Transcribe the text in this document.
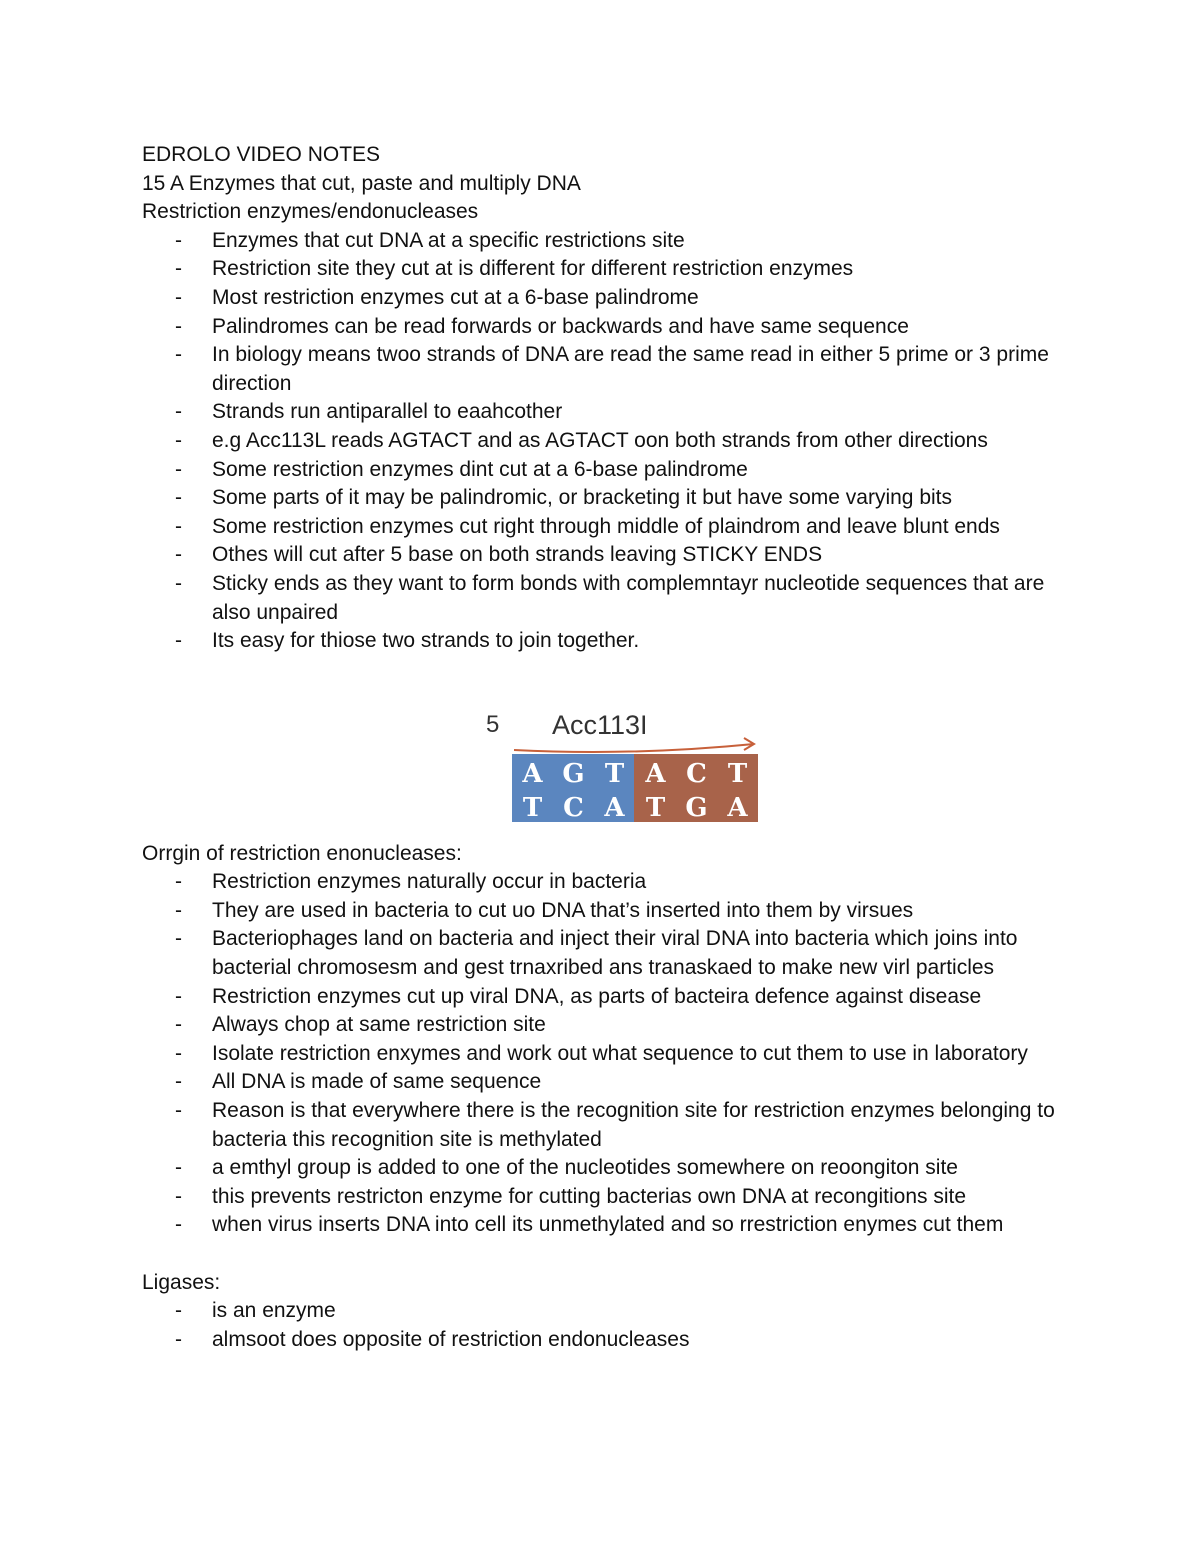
EDROLO VIDEO NOTES
15 A Enzymes that cut, paste and multiply DNA
Restriction enzymes/endonucleases
- Enzymes that cut DNA at a specific restrictions site
- Restriction site they cut at is different for different restriction enzymes
- Most restriction enzymes cut at a 6-base palindrome
- Palindromes can be read forwards or backwards and have same sequence
- In biology means twoo strands of DNA are read the same read in either 5 prime or 3 prime direction
- Strands run antiparallel to eaahcother
- e.g Acc113L reads AGTACT and as AGTACT oon both strands from other directions
- Some restriction enzymes dint cut at a 6-base palindrome
- Some parts of it may be palindromic, or bracketing it but have some varying bits
- Some restriction enzymes cut right through middle of plaindrom and leave blunt ends
- Othes will cut after 5 base on both strands leaving STICKY ENDS
- Sticky ends as they want to form bonds with complemntayr nucleotide sequences that are also unpaired
- Its easy for thiose two strands to join together.
5 Acc113I
A G T A C T
T C A T G A
Orrgin of restriction enonucleases:
- Restriction enzymes naturally occur in bacteria
- They are used in bacteria to cut uo DNA that’s inserted into them by virsues
- Bacteriophages land on bacteria and inject their viral DNA into bacteria which joins into bacterial chromosesm and gest trnaxribed ans tranaskaed to make new virl particles
- Restriction enzymes cut up viral DNA, as parts of bacteira defence against disease
- Always chop at same restriction site
- Isolate restriction enxymes and work out what sequence to cut them to use in laboratory
- All DNA is made of same sequence
- Reason is that everywhere there is the recognition site for restriction enzymes belonging to bacteria this recognition site is methylated
- a emthyl group is added to one of the nucleotides somewhere on reoongiton site
- this prevents restricton enzyme for cutting bacterias own DNA at recongitions site
- when virus inserts DNA into cell its unmethylated and so rrestriction enymes cut them
Ligases:
- is an enzyme
- almsoot does opposite of restriction endonucleases
